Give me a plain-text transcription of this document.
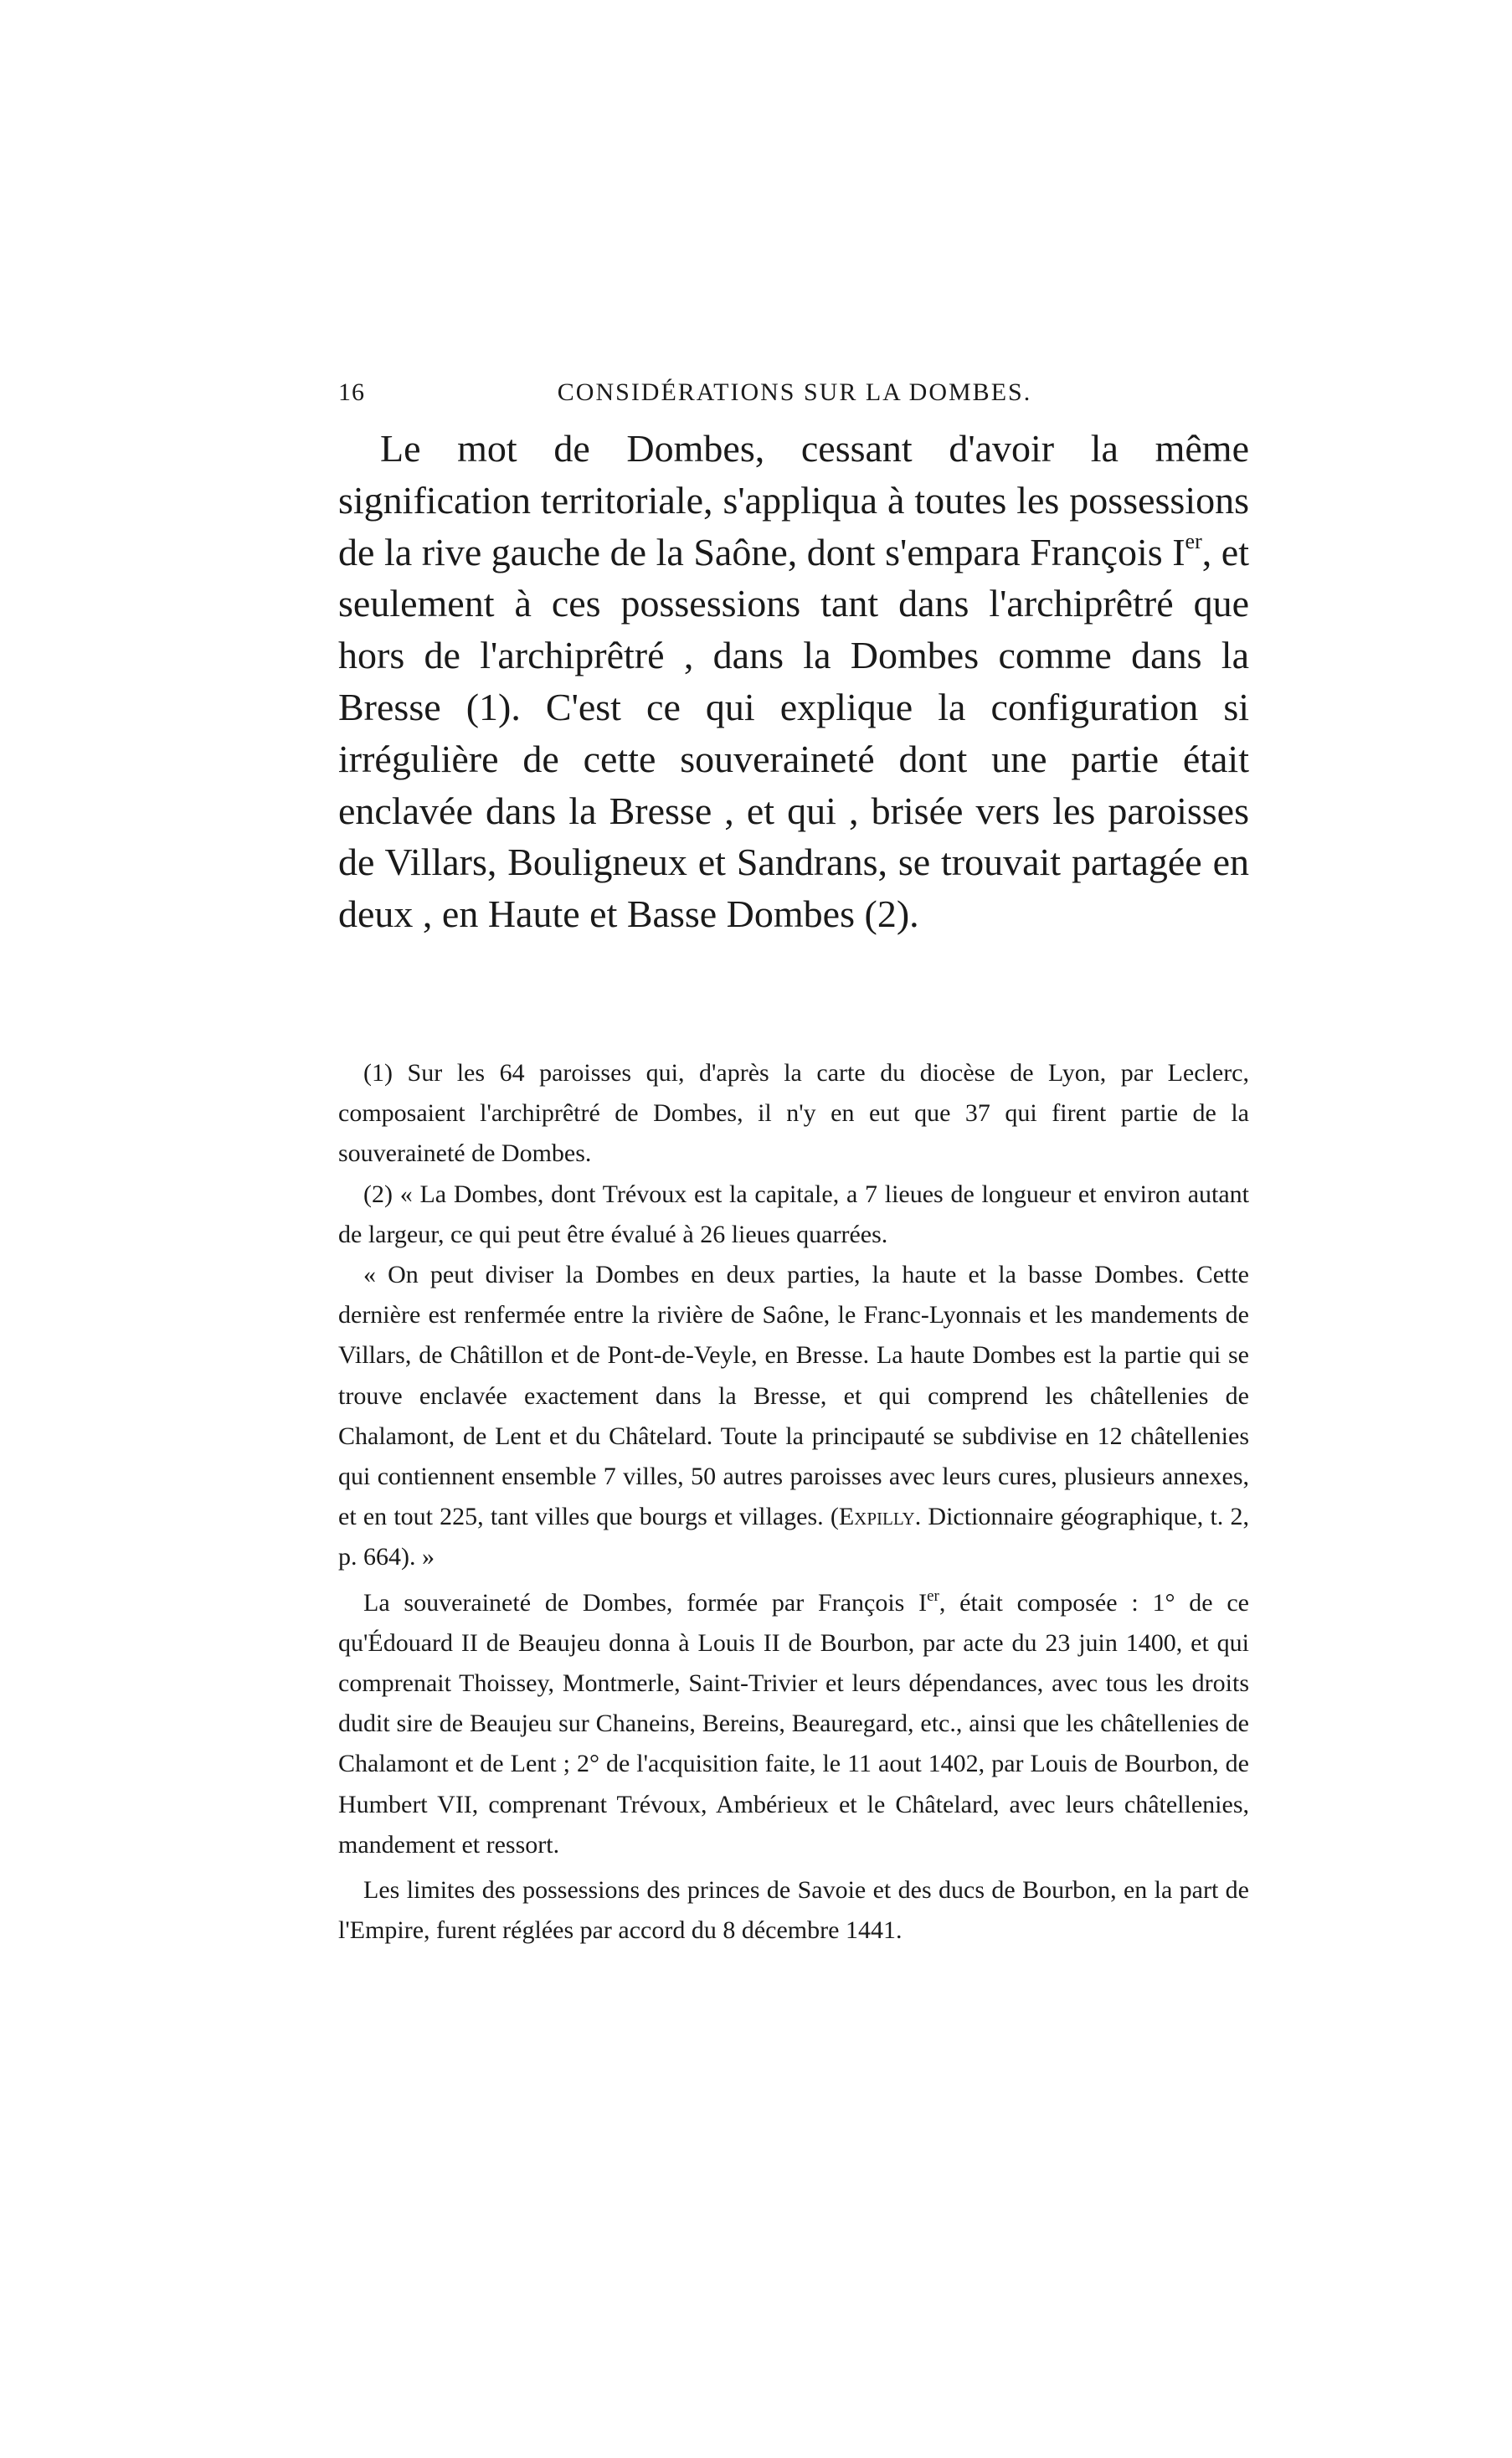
16	CONSIDÉRATIONS SUR LA DOMBES.

Le mot de Dombes, cessant d'avoir la même signification territoriale, s'appliqua à toutes les possessions de la rive gauche de la Saône, dont s'empara François Ier, et seulement à ces possessions tant dans l'archiprêtré que hors de l'archiprêtré , dans la Dombes comme dans la Bresse (1). C'est ce qui explique la configuration si irrégulière de cette souveraineté dont une partie était enclavée dans la Bresse , et qui , brisée vers les paroisses de Villars, Bouligneux et Sandrans, se trouvait partagée en deux , en Haute et Basse Dombes (2).

(1) Sur les 64 paroisses qui, d'après la carte du diocèse de Lyon, par Leclerc, composaient l'archiprêtré de Dombes, il n'y en eut que 37 qui firent partie de la souveraineté de Dombes.

(2) « La Dombes, dont Trévoux est la capitale, a 7 lieues de longueur et environ autant de largeur, ce qui peut être évalué à 26 lieues quarrées.

« On peut diviser la Dombes en deux parties, la haute et la basse Dombes. Cette dernière est renfermée entre la rivière de Saône, le Franc-Lyonnais et les mandements de Villars, de Châtillon et de Pont-de-Veyle, en Bresse. La haute Dombes est la partie qui se trouve enclavée exactement dans la Bresse, et qui comprend les châtellenies de Chalamont, de Lent et du Châtelard. Toute la principauté se subdivise en 12 châtellenies qui contiennent ensemble 7 villes, 50 autres paroisses avec leurs cures, plusieurs annexes, et en tout 225, tant villes que bourgs et villages. (Expilly. Dictionnaire géographique, t. 2, p. 664). »

La souveraineté de Dombes, formée par François Ier, était composée : 1° de ce qu'Édouard II de Beaujeu donna à Louis II de Bourbon, par acte du 23 juin 1400, et qui comprenait Thoissey, Montmerle, Saint-Trivier et leurs dépendances, avec tous les droits dudit sire de Beaujeu sur Chaneins, Bereins, Beauregard, etc., ainsi que les châtellenies de Chalamont et de Lent ; 2° de l'acquisition faite, le 11 aout 1402, par Louis de Bourbon, de Humbert VII, comprenant Trévoux, Ambérieux et le Châtelard, avec leurs châtellenies, mandement et ressort.

Les limites des possessions des princes de Savoie et des ducs de Bourbon, en la part de l'Empire, furent réglées par accord du 8 décembre 1441.
